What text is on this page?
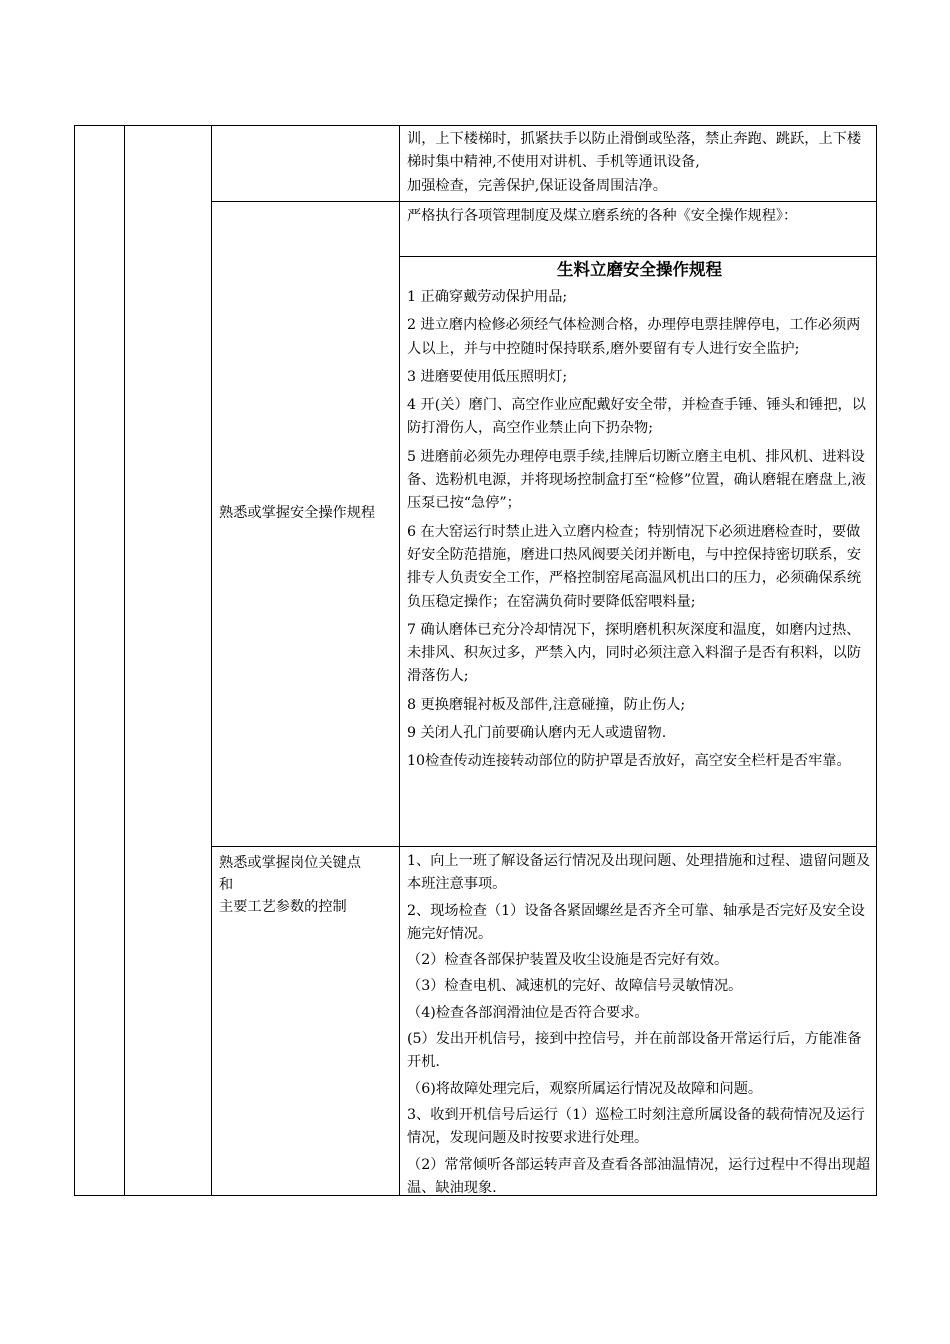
训，上下楼梯时，抓紧扶手以防止滑倒或坠落，禁止奔跑、跳跃，上下楼梯时集中精神,不使用对讲机、手机等通讯设备,

加强检查，完善保护,保证设备周围洁净。

熟悉或掌握安全操作规程
严格执行各项管理制度及煤立磨系统的各种《安全操作规程》：

生料立磨安全操作规程

1 正确穿戴劳动保护用品;

2 进立磨内检修必须经气体检测合格，办理停电票挂牌停电，工作必须两人以上，并与中控随时保持联系,磨外要留有专人进行安全监护;

3 进磨要使用低压照明灯;

4 开(关）磨门、高空作业应配戴好安全带，并检查手锤、锤头和锤把，以防打滑伤人，高空作业禁止向下扔杂物;

5 进磨前必须先办理停电票手续,挂牌后切断立磨主电机、排风机、进料设备、选粉机电源，并将现场控制盒打至“检修”位置，确认磨辊在磨盘上,液压泵已按“急停”；

6 在大窑运行时禁止进入立磨内检查；特别情况下必须进磨检查时，要做好安全防范措施，磨进口热风阀要关闭并断电，与中控保持密切联系，安排专人负责安全工作，严格控制窑尾高温风机出口的压力，必须确保系统负压稳定操作；在窑满负荷时要降低窑喂料量;

7 确认磨体已充分冷却情况下，探明磨机积灰深度和温度，如磨内过热、未排风、积灰过多，严禁入内，同时必须注意入料溜子是否有积料，以防滑落伤人;

8 更换磨辊衬板及部件,注意碰撞，防止伤人;

9 关闭人孔门前要确认磨内无人或遗留物.

10检查传动连接转动部位的防护罩是否放好，高空安全栏杆是否牢靠。

熟悉或掌握岗位关键点
和
主要工艺参数的控制

1、向上一班了解设备运行情况及出现问题、处理措施和过程、遗留问题及本班注意事项。

2、现场检查（1）设备各紧固螺丝是否齐全可靠、轴承是否完好及安全设施完好情况。

（2）检查各部保护装置及收尘设施是否完好有效。

（3）检查电机、减速机的完好、故障信号灵敏情况。

（4)检查各部润滑油位是否符合要求。

(5）发出开机信号，接到中控信号，并在前部设备开常运行后，方能准备开机.

（6)将故障处理完后，观察所属运行情况及故障和问题。

3、收到开机信号后运行（1）巡检工时刻注意所属设备的载荷情况及运行情况，发现问题及时按要求进行处理。

（2）常常倾听各部运转声音及查看各部油温情况，运行过程中不得出现超温、缺油现象.
